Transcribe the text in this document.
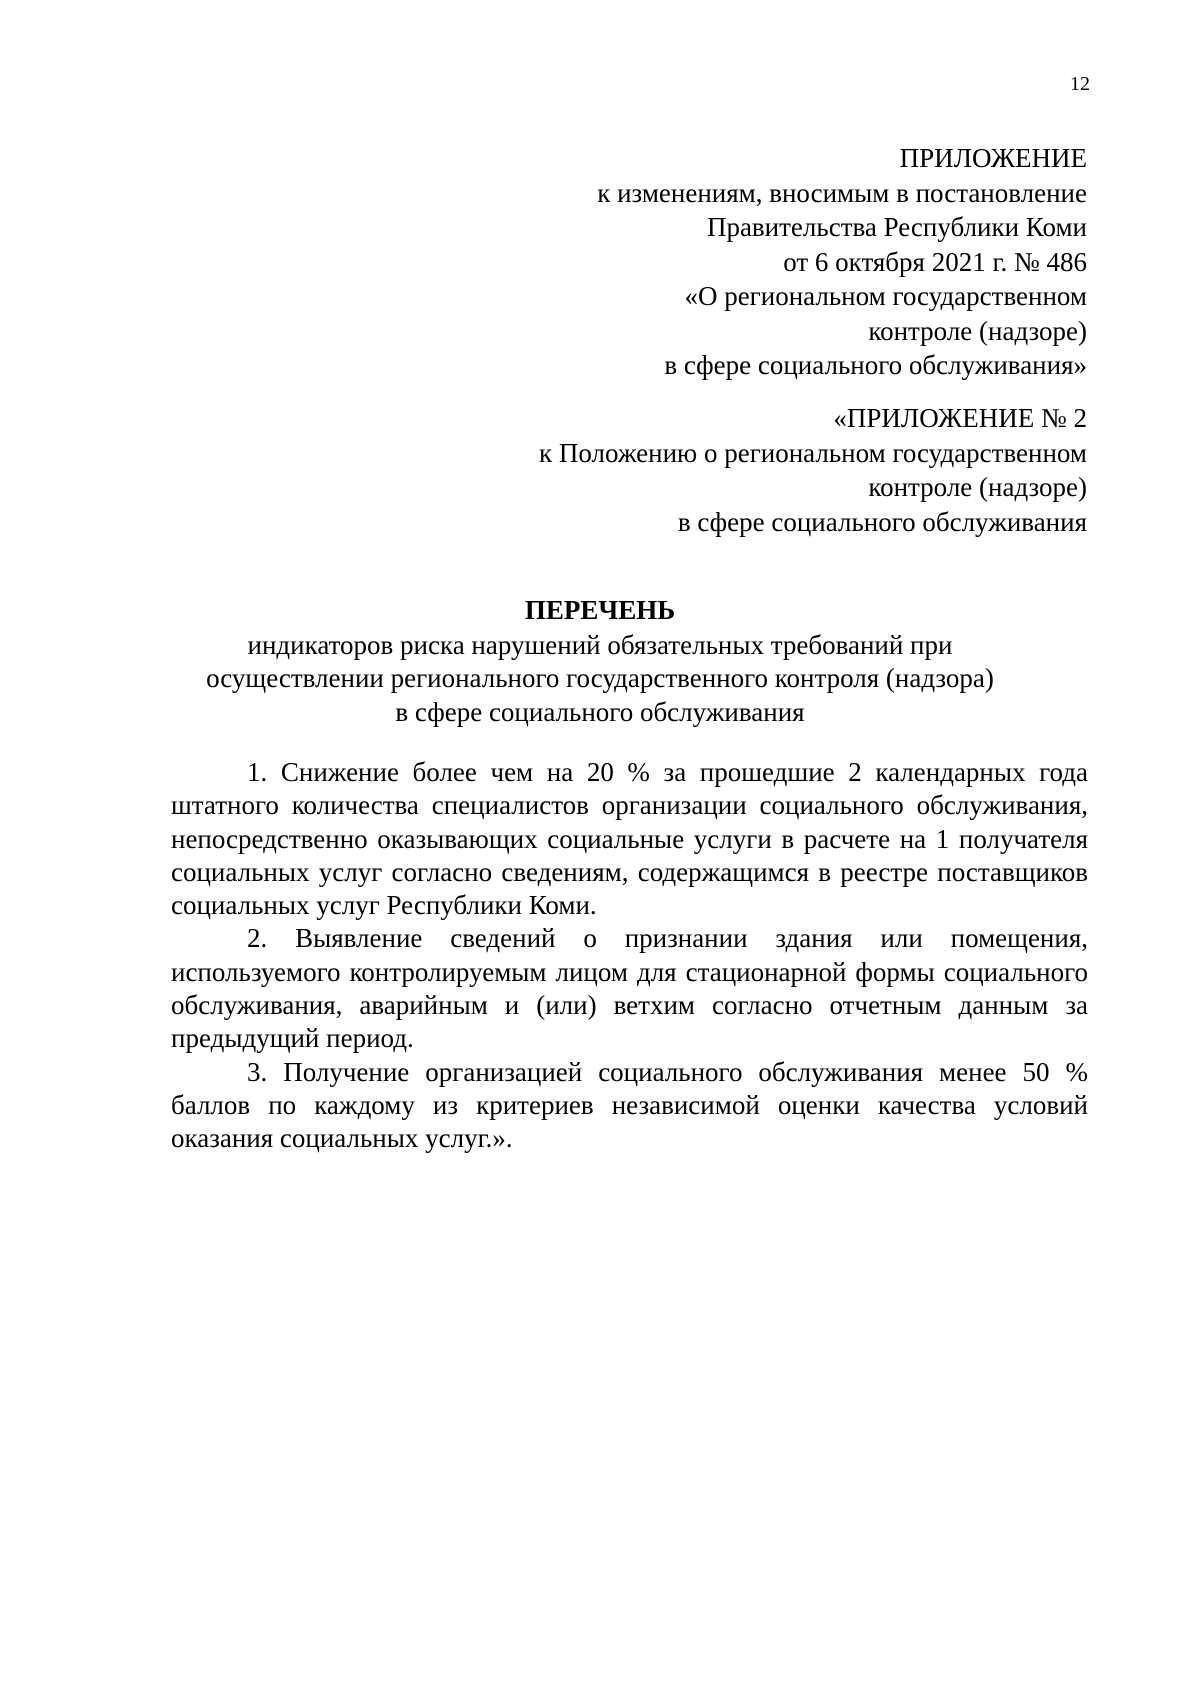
12
ПРИЛОЖЕНИЕ
к изменениям, вносимым в постановление
Правительства Республики Коми
от 6 октября 2021 г. № 486
«О региональном государственном
контроле (надзоре)
в сфере социального обслуживания»
«ПРИЛОЖЕНИЕ № 2
к Положению о региональном государственном
контроле (надзоре)
в сфере социального обслуживания
ПЕРЕЧЕНЬ
индикаторов риска нарушений обязательных требований при
осуществлении регионального государственного контроля (надзора)
в сфере социального обслуживания

1. Снижение более чем на 20 % за прошедшие 2 календарных года штатного количества специалистов организации социального обслуживания, непосредственно оказывающих социальные услуги в расчете на 1 получателя социальных услуг согласно сведениям, содержащимся в реестре поставщиков социальных услуг Республики Коми.

2. Выявление сведений о признании здания или помещения, используемого контролируемым лицом для стационарной формы социального обслуживания, аварийным и (или) ветхим согласно отчетным данным за предыдущий период.

3. Получение организацией социального обслуживания менее 50 % баллов по каждому из критериев независимой оценки качества условий оказания социальных услуг.».
